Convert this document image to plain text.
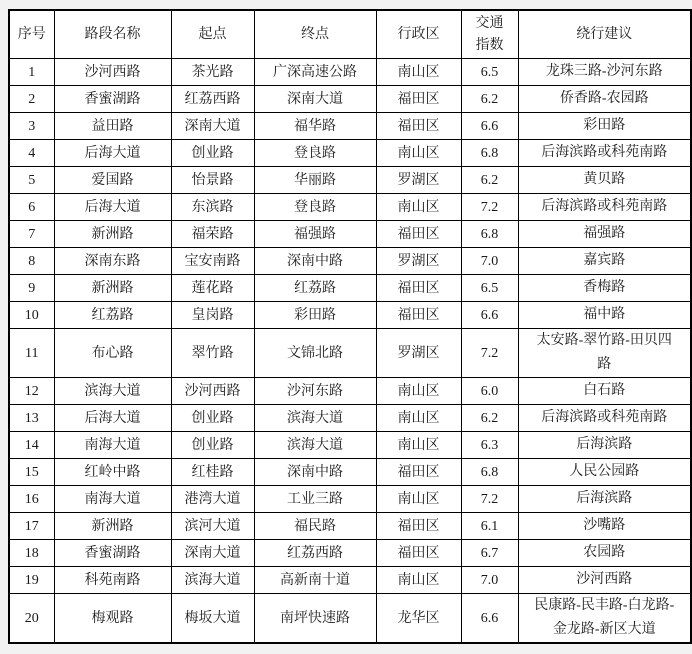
序号	路段名称	起点	终点	行政区	交通指数	绕行建议
1	沙河西路	茶光路	广深高速公路	南山区	6.5	龙珠三路-沙河东路
2	香蜜湖路	红荔西路	深南大道	福田区	6.2	侨香路-农园路
3	益田路	深南大道	福华路	福田区	6.6	彩田路
4	后海大道	创业路	登良路	南山区	6.8	后海滨路或科苑南路
5	爱国路	怡景路	华丽路	罗湖区	6.2	黄贝路
6	后海大道	东滨路	登良路	南山区	7.2	后海滨路或科苑南路
7	新洲路	福荣路	福强路	福田区	6.8	福强路
8	深南东路	宝安南路	深南中路	罗湖区	7.0	嘉宾路
9	新洲路	莲花路	红荔路	福田区	6.5	香梅路
10	红荔路	皇岗路	彩田路	福田区	6.6	福中路
11	布心路	翠竹路	文锦北路	罗湖区	7.2	太安路-翠竹路-田贝四路
12	滨海大道	沙河西路	沙河东路	南山区	6.0	白石路
13	后海大道	创业路	滨海大道	南山区	6.2	后海滨路或科苑南路
14	南海大道	创业路	滨海大道	南山区	6.3	后海滨路
15	红岭中路	红桂路	深南中路	福田区	6.8	人民公园路
16	南海大道	港湾大道	工业三路	南山区	7.2	后海滨路
17	新洲路	滨河大道	福民路	福田区	6.1	沙嘴路
18	香蜜湖路	深南大道	红荔西路	福田区	6.7	农园路
19	科苑南路	滨海大道	高新南十道	南山区	7.0	沙河西路
20	梅观路	梅坂大道	南坪快速路	龙华区	6.6	民康路-民丰路-白龙路-金龙路-新区大道
